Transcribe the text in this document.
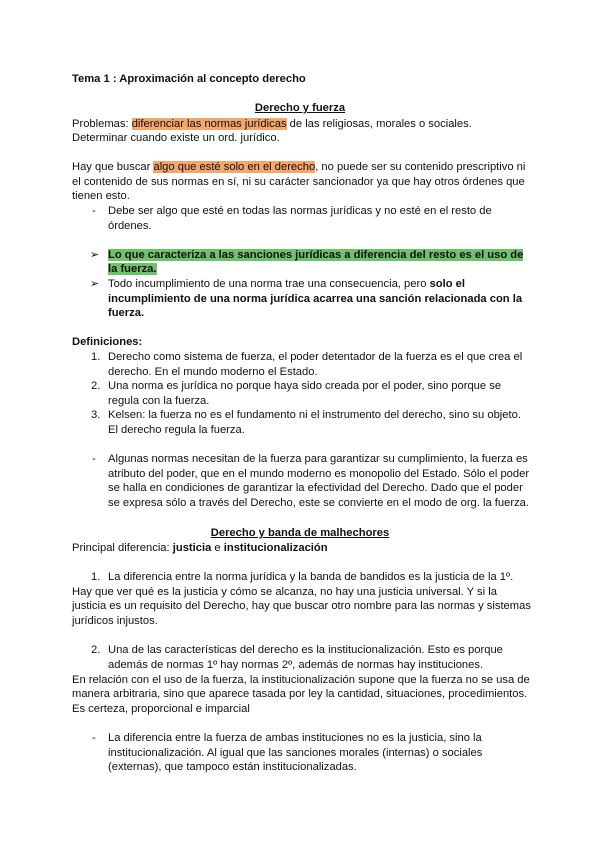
Tema 1 : Aproximación al concepto derecho
Derecho y fuerza
Problemas: diferenciar las normas jurídicas de las religiosas, morales o sociales.
Determinar cuando existe un ord. jurídico.
Hay que buscar algo que esté solo en el derecho, no puede ser su contenido prescriptivo ni
el contenido de sus normas en sí, ni su carácter sancionador ya que hay otros órdenes que
tienen esto.
- Debe ser algo que esté en todas las normas jurídicas y no esté en el resto de
órdenes.
➢ Lo que caracteriza a las sanciones jurídicas a diferencia del resto es el uso de
la fuerza.
➢ Todo incumplimiento de una norma trae una consecuencia, pero solo el
incumplimiento de una norma jurídica acarrea una sanción relacionada con la
fuerza.
Definiciones:
1. Derecho como sistema de fuerza, el poder detentador de la fuerza es el que crea el
derecho. En el mundo moderno el Estado.
2. Una norma es jurídica no porque haya sido creada por el poder, sino porque se
regula con la fuerza.
3. Kelsen: la fuerza no es el fundamento ni el instrumento del derecho, sino su objeto.
El derecho regula la fuerza.
- Algunas normas necesitan de la fuerza para garantizar su cumplimiento, la fuerza es
atributo del poder, que en el mundo moderno es monopolio del Estado. Sólo el poder
se halla en condiciones de garantizar la efectividad del Derecho. Dado que el poder
se expresa sólo a través del Derecho, este se convierte en el modo de org. la fuerza.
Derecho y banda de malhechores
Principal diferencia: justicia e institucionalización
1. La diferencia entre la norma jurídica y la banda de bandidos es la justicia de la 1º.
Hay que ver qué es la justicia y cómo se alcanza, no hay una justicia universal. Y si la
justicia es un requisito del Derecho, hay que buscar otro nombre para las normas y sistemas
jurídicos injustos.
2. Una de las características del derecho es la institucionalización. Esto es porque
además de normas 1º hay normas 2º, además de normas hay instituciones.
En relación con el uso de la fuerza, la institucionalización supone que la fuerza no se usa de
manera arbitraria, sino que aparece tasada por ley la cantidad, situaciones, procedimientos.
Es certeza, proporcional e imparcial
- La diferencia entre la fuerza de ambas instituciones no es la justicia, sino la
institucionalización. Al igual que las sanciones morales (internas) o sociales
(externas), que tampoco están institucionalizadas.
